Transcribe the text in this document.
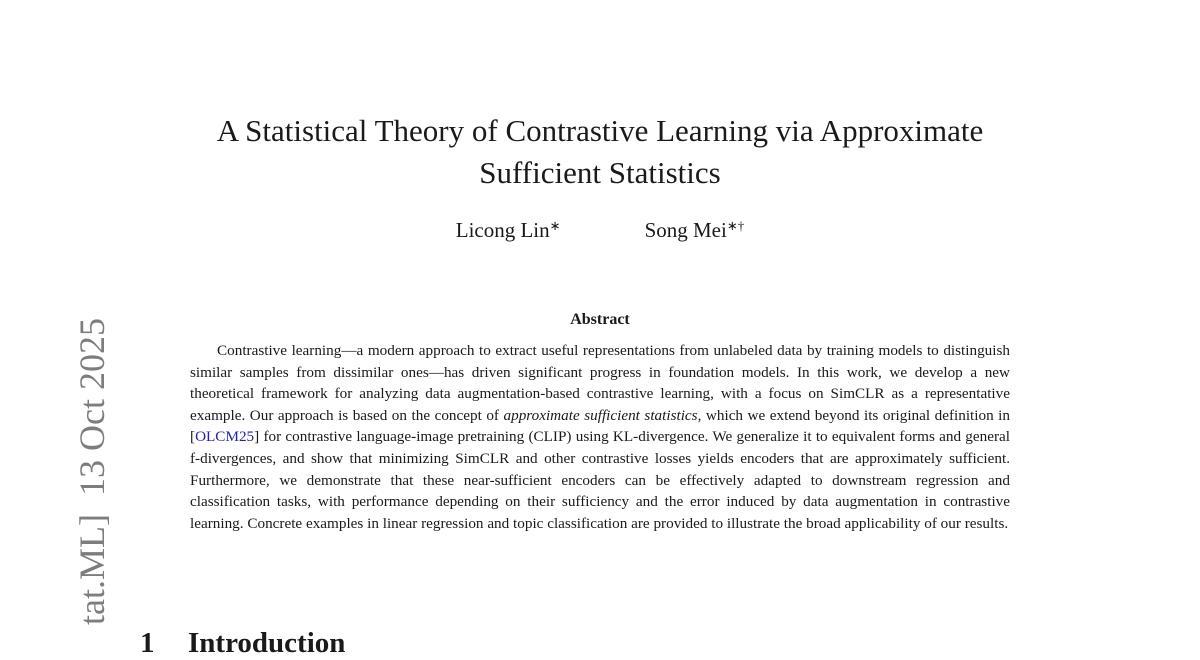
tat.ML]  13 Oct 2025
A Statistical Theory of Contrastive Learning via Approximate
Sufficient Statistics
Licong Lin∗	Song Mei∗†
Abstract

Contrastive learning—a modern approach to extract useful representations from unlabeled data by training models to distinguish similar samples from dissimilar ones—has driven significant progress in foundation models. In this work, we develop a new theoretical framework for analyzing data augmentation-based contrastive learning, with a focus on SimCLR as a representative example. Our approach is based on the concept of approximate sufficient statistics, which we extend beyond its original definition in [OLCM25] for contrastive language-image pretraining (CLIP) using KL-divergence. We generalize it to equivalent forms and general f-divergences, and show that minimizing SimCLR and other contrastive losses yields encoders that are approximately sufficient. Furthermore, we demonstrate that these near-sufficient encoders can be effectively adapted to downstream regression and classification tasks, with performance depending on their sufficiency and the error induced by data augmentation in contrastive learning. Concrete examples in linear regression and topic classification are provided to illustrate the broad applicability of our results.

1 Introduction
